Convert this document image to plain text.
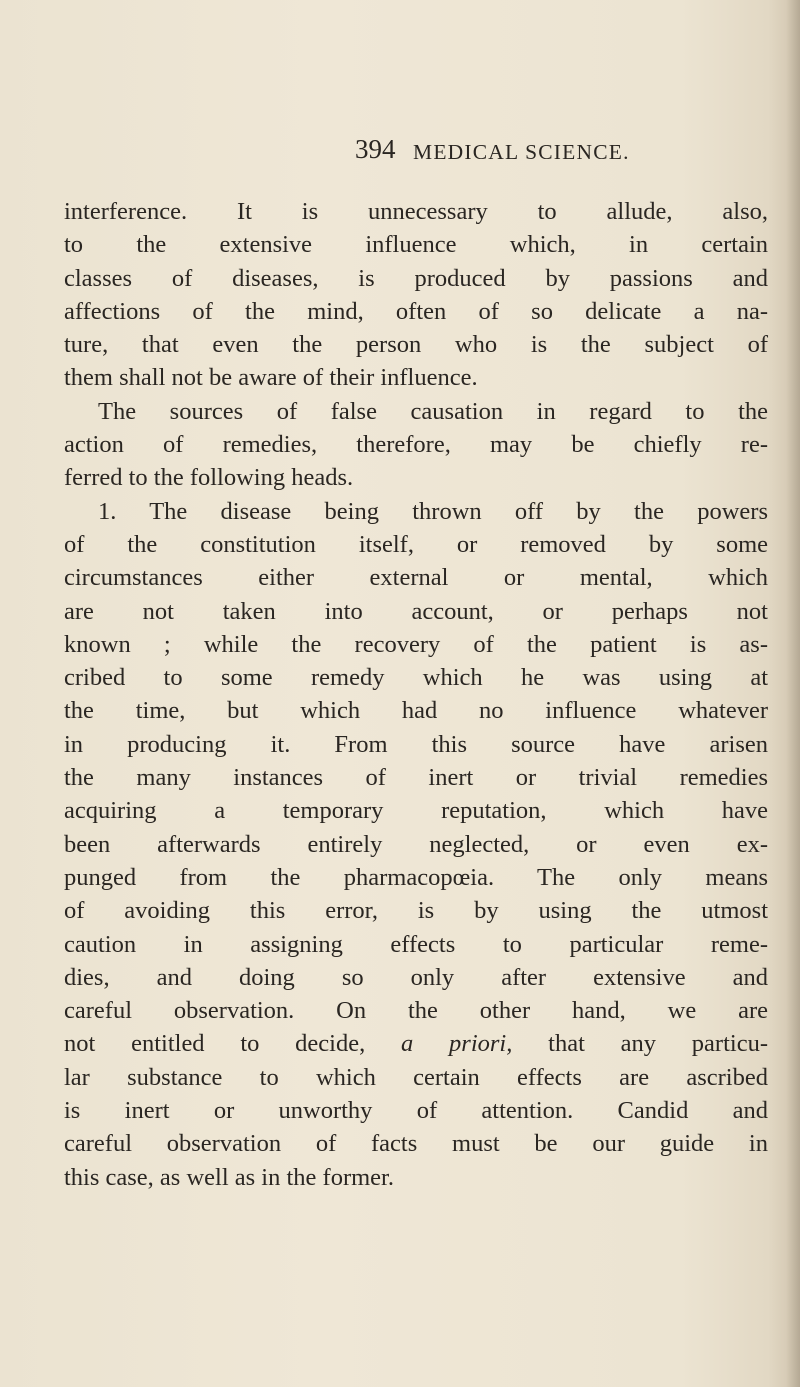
394 MEDICAL SCIENCE.
interference. It is unnecessary to allude, also,
to the extensive influence which, in certain
classes of diseases, is produced by passions and
affections of the mind, often of so delicate a na-
ture, that even the person who is the subject of
them shall not be aware of their influence.
The sources of false causation in regard to the
action of remedies, therefore, may be chiefly re-
ferred to the following heads.
1. The disease being thrown off by the powers
of the constitution itself, or removed by some
circumstances either external or mental, which
are not taken into account, or perhaps not
known ; while the recovery of the patient is as-
cribed to some remedy which he was using at
the time, but which had no influence whatever
in producing it. From this source have arisen
the many instances of inert or trivial remedies
acquiring a temporary reputation, which have
been afterwards entirely neglected, or even ex-
punged from the pharmacopœia. The only means
of avoiding this error, is by using the utmost
caution in assigning effects to particular reme-
dies, and doing so only after extensive and
careful observation. On the other hand, we are
not entitled to decide, a priori, that any particu-
lar substance to which certain effects are ascribed
is inert or unworthy of attention. Candid and
careful observation of facts must be our guide in
this case, as well as in the former.
